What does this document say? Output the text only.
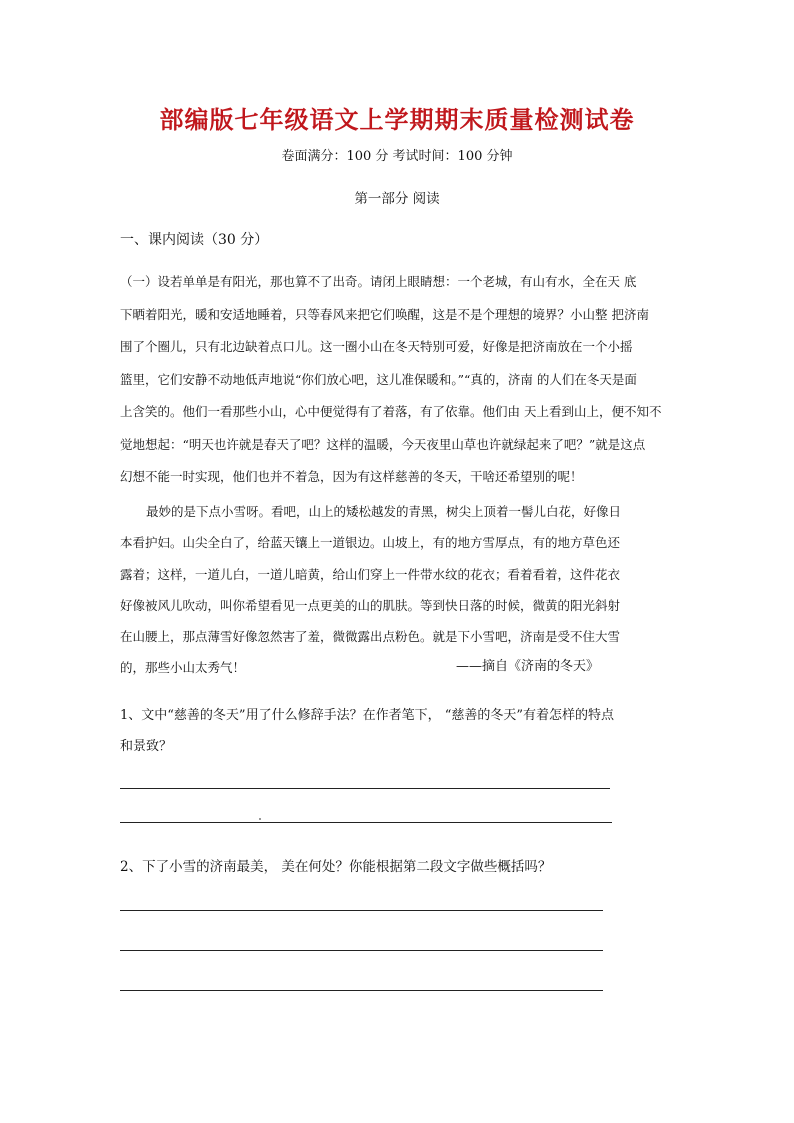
部编版七年级语文上学期期末质量检测试卷
卷面满分：100 分 考试时间：100 分钟
第一部分 阅读
一、课内阅读（30 分）
（一）设若单单是有阳光，那也算不了出奇。请闭上眼睛想：一个老城，有山有水，全在天 底
下晒着阳光，暖和安适地睡着，只等春风来把它们唤醒，这是不是个理想的境界？小山整 把济南
围了个圈儿，只有北边缺着点口儿。这一圈小山在冬天特别可爱，好像是把济南放在一个小摇
篮里，它们安静不动地低声地说“你们放心吧，这儿准保暖和。”“真的，济南 的人们在冬天是面
上含笑的。他们一看那些小山，心中便觉得有了着落，有了依靠。他们由 天上看到山上，便不知不
觉地想起：“明天也许就是春天了吧？这样的温暖，今天夜里山草也许就绿起来了吧？”就是这点
幻想不能一时实现，他们也并不着急，因为有这样慈善的冬天，干啥还希望别的呢！
最妙的是下点小雪呀。看吧，山上的矮松越发的青黑，树尖上顶着一髻儿白花，好像日
本看护妇。山尖全白了，给蓝天镶上一道银边。山坡上，有的地方雪厚点，有的地方草色还
露着；这样，一道儿白，一道儿暗黄，给山们穿上一件带水纹的花衣；看着看着，这件花衣
好像被风儿吹动，叫你希望看见一点更美的山的肌肤。等到快日落的时候，微黄的阳光斜射
在山腰上，那点薄雪好像忽然害了羞，微微露出点粉色。就是下小雪吧，济南是受不住大雪
的，那些小山太秀气！	——摘自《济南的冬天》
1、文中“慈善的冬天”用了什么修辞手法？在作者笔下， “慈善的冬天”有着怎样的特点
和景致？
2、下了小雪的济南最美， 美在何处？你能根据第二段文字做些概括吗？
